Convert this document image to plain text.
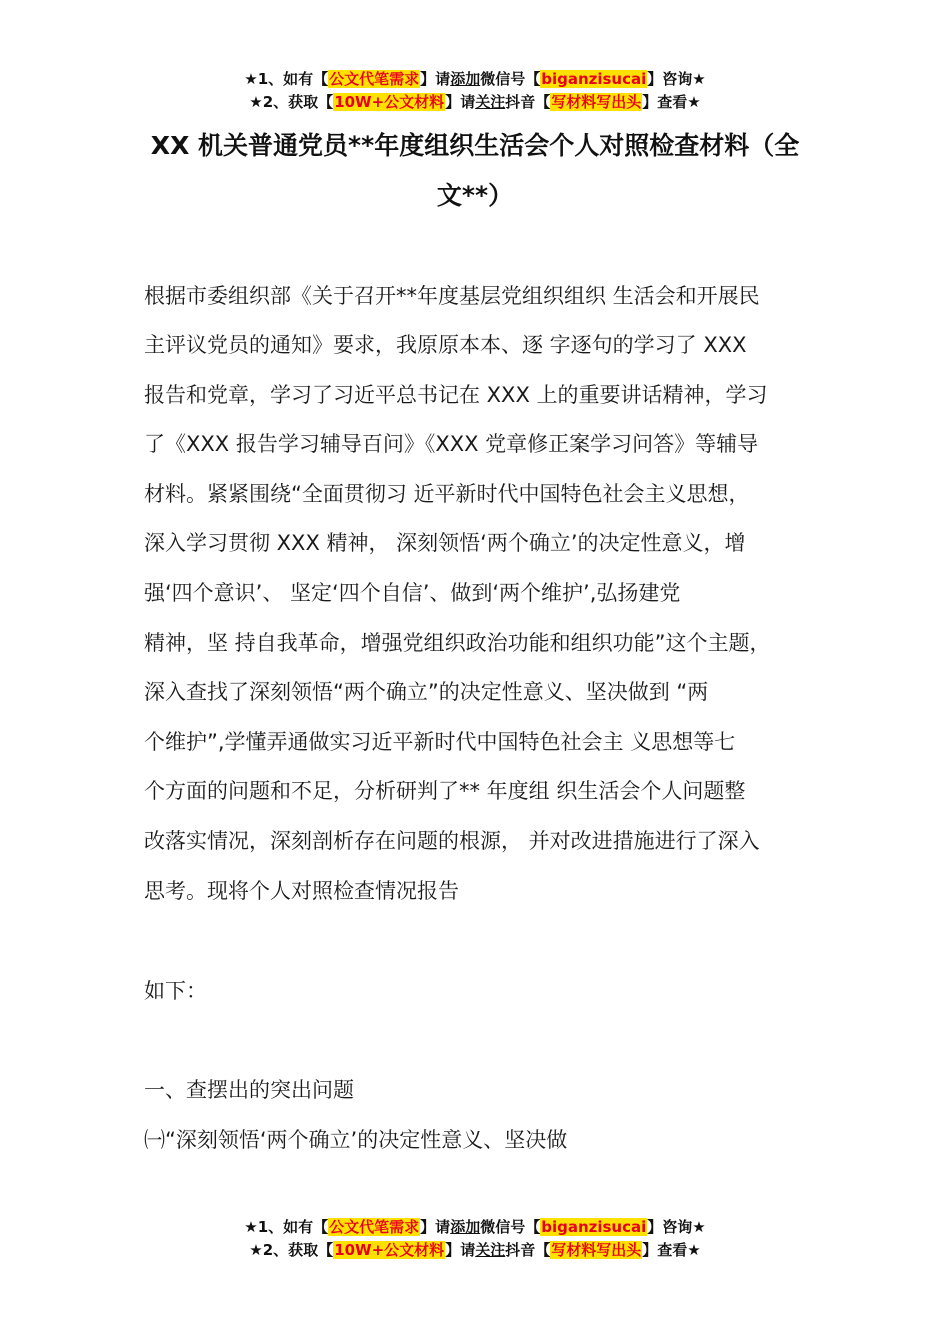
★1、如有【公文代笔需求】请添加微信号【biganzisucai】咨询★
★2、获取【10W+公文材料】请关注抖音【写材料写出头】查看★
XX 机关普通党员**年度组织生活会个人对照检查材料（全
文**）
根据市委组织部《关于召开**年度基层党组织组织 生活会和开展民
主评议党员的通知》要求，我原原本本、逐 字逐句的学习了 XXX
报告和党章，学习了习近平总书记在 XXX 上的重要讲话精神，学习
了《XXX 报告学习辅导百问》《XXX 党章修正案学习问答》等辅导
材料。紧紧围绕“全面贯彻习 近平新时代中国特色社会主义思想，
深入学习贯彻 XXX 精神， 深刻领悟‘两个确立’的决定性意义，增
强‘四个意识’、 坚定‘四个自信’、做到‘两个维护’,弘扬建党
精神，坚 持自我革命，增强党组织政治功能和组织功能”这个主题，
深入查找了深刻领悟“两个确立”的决定性意义、坚决做到 “两
个维护”,学懂弄通做实习近平新时代中国特色社会主 义思想等七
个方面的问题和不足，分析研判了** 年度组 织生活会个人问题整
改落实情况，深刻剖析存在问题的根源， 并对改进措施进行了深入
思考。现将个人对照检查情况报告
如下：
一、查摆出的突出问题
㈠“深刻领悟‘两个确立’的决定性意义、坚决做
★1、如有【公文代笔需求】请添加微信号【biganzisucai】咨询★
★2、获取【10W+公文材料】请关注抖音【写材料写出头】查看★
